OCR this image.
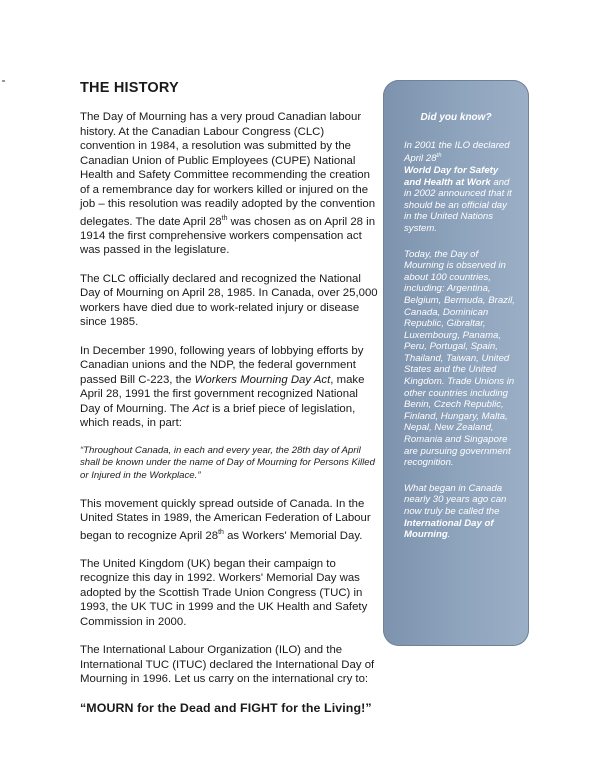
THE HISTORY

The Day of Mourning has a very proud Canadian labour history. At the Canadian Labour Congress (CLC) convention in 1984, a resolution was submitted by the Canadian Union of Public Employees (CUPE) National Health and Safety Committee recommending the creation of a remembrance day for workers killed or injured on the job – this resolution was readily adopted by the convention delegates. The date April 28th was chosen as on April 28 in 1914 the first comprehensive workers compensation act was passed in the legislature.

The CLC officially declared and recognized the National Day of Mourning on April 28, 1985. In Canada, over 25,000 workers have died due to work-related injury or disease since 1985.

In December 1990, following years of lobbying efforts by Canadian unions and the NDP, the federal government passed Bill C-223, the Workers Mourning Day Act, make April 28, 1991 the first government recognized National Day of Mourning. The Act is a brief piece of legislation, which reads, in part:

“Throughout Canada, in each and every year, the 28th day of April shall be known under the name of Day of Mourning for Persons Killed or Injured in the Workplace.”

This movement quickly spread outside of Canada. In the United States in 1989, the American Federation of Labour began to recognize April 28th as Workers' Memorial Day.

The United Kingdom (UK) began their campaign to recognize this day in 1992. Workers' Memorial Day was adopted by the Scottish Trade Union Congress (TUC) in 1993, the UK TUC in 1999 and the UK Health and Safety Commission in 2000.

The International Labour Organization (ILO) and the International TUC (ITUC) declared the International Day of Mourning in 1996. Let us carry on the international cry to:

“MOURN for the Dead and FIGHT for the Living!”
Did you know?

In 2001 the ILO declared April 28th
World Day for Safety and Health at Work and in 2002 announced that it should be an official day in the United Nations system.

Today, the Day of Mourning is observed in about 100 countries, including: Argentina, Belgium, Bermuda, Brazil, Canada, Dominican Republic, Gibraltar, Luxembourg, Panama, Peru, Portugal, Spain, Thailand, Taiwan, United States and the United Kingdom. Trade Unions in other countries including Benin, Czech Republic, Finland, Hungary, Malta, Nepal, New Zealand, Romania and Singapore are pursuing government recognition.

What began in Canada nearly 30 years ago can now truly be called the International Day of Mourning.
